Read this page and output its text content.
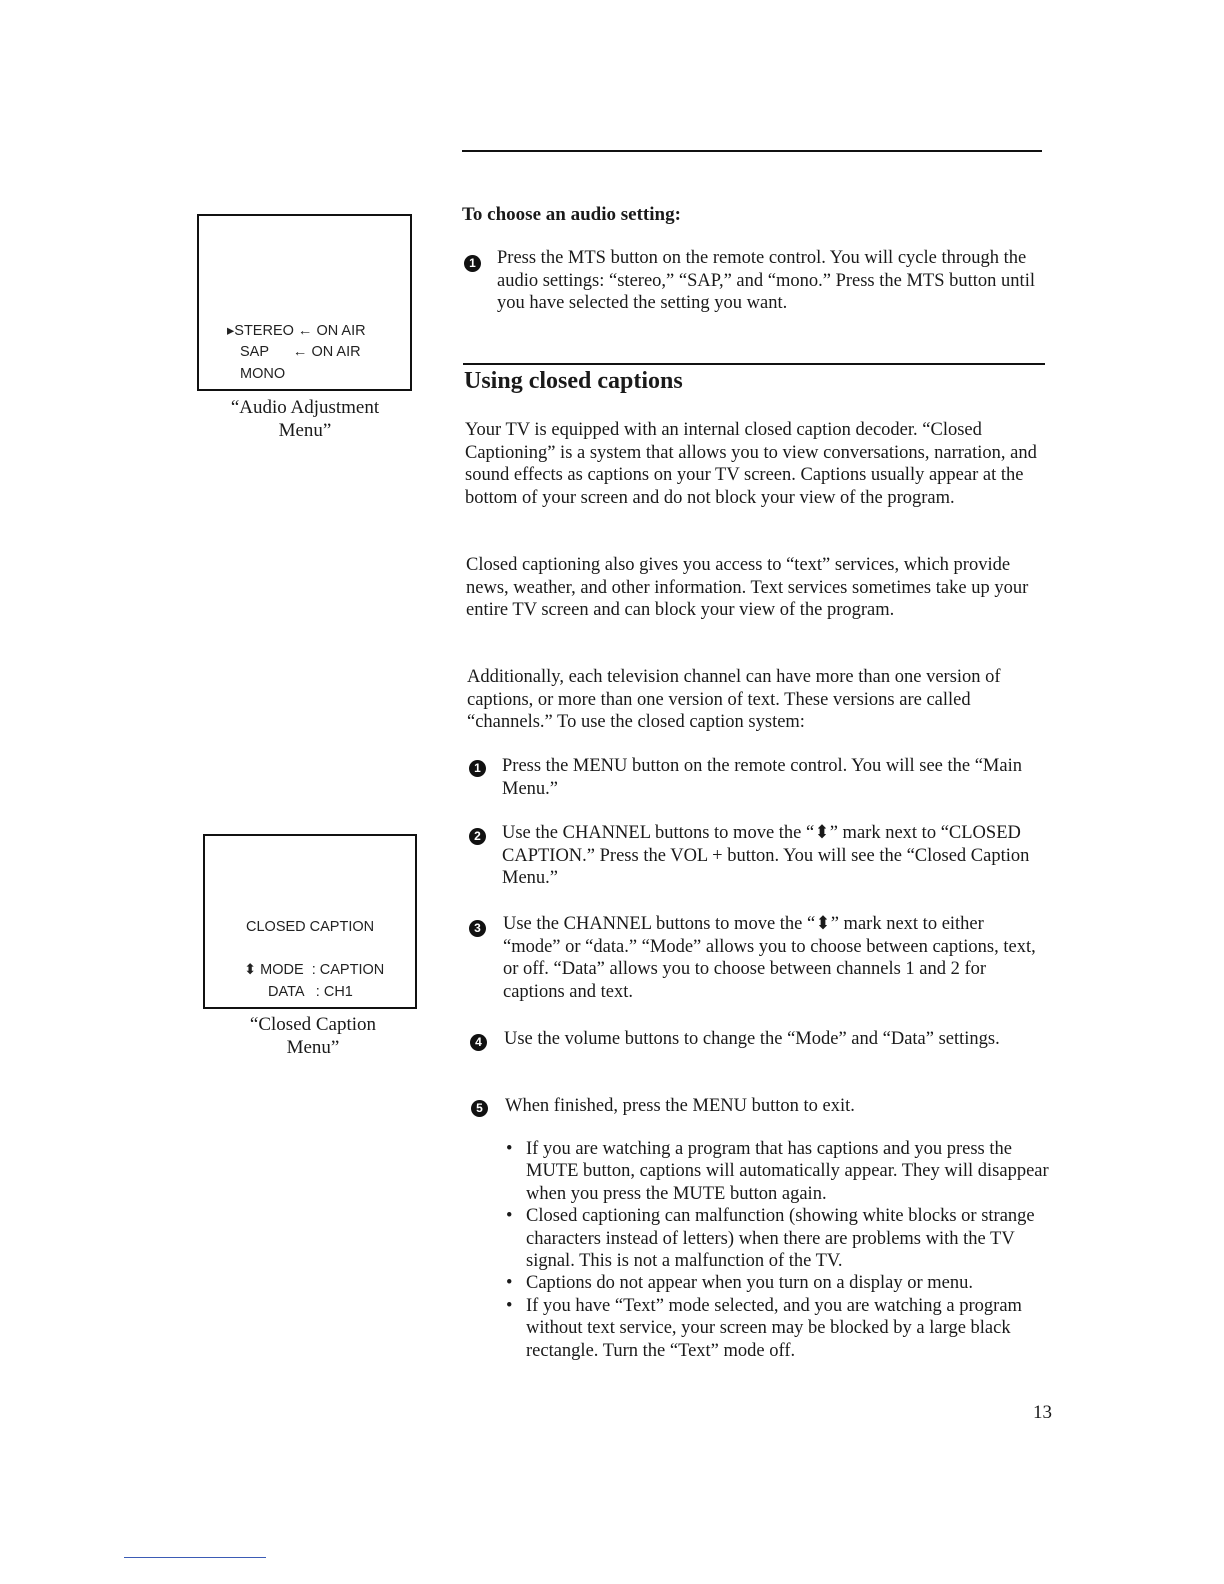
▸STEREO ← ON AIR
SAP      ← ON AIR
MONO
“Audio Adjustment
Menu”
To choose an audio setting:
1 Press the MTS button on the remote control. You will cycle through the audio settings: “stereo,” “SAP,” and “mono.” Press the MTS button until you have selected the setting you want.

Using closed captions

Your TV is equipped with an internal closed caption decoder. “Closed Captioning” is a system that allows you to view conversations, narration, and sound effects as captions on your TV screen. Captions usually appear at the bottom of your screen and do not block your view of the program.

Closed captioning also gives you access to “text” services, which provide news, weather, and other information. Text services sometimes take up your entire TV screen and can block your view of the program.

Additionally, each television channel can have more than one version of captions, or more than one version of text. These versions are called “channels.” To use the closed caption system:

1 Press the MENU button on the remote control. You will see the “Main Menu.”

2 Use the CHANNEL buttons to move the “⬍” mark next to “CLOSED CAPTION.” Press the VOL + button. You will see the “Closed Caption Menu.”

3 Use the CHANNEL buttons to move the “⬍” mark next to either “mode” or “data.” “Mode” allows you to choose between captions, text, or off. “Data” allows you to choose between channels 1 and 2 for captions and text.

4 Use the volume buttons to change the “Mode” and “Data” settings.

5 When finished, press the MENU button to exit.

• If you are watching a program that has captions and you press the MUTE button, captions will automatically appear. They will disappear when you press the MUTE button again.
• Closed captioning can malfunction (showing white blocks or strange characters instead of letters) when there are problems with the TV signal. This is not a malfunction of the TV.
• Captions do not appear when you turn on a display or menu.
• If you have “Text” mode selected, and you are watching a program without text service, your screen may be blocked by a large black rectangle. Turn the “Text” mode off.
CLOSED CAPTION
⬍ MODE  : CAPTION
DATA   : CH1
“Closed Caption
Menu”
13
